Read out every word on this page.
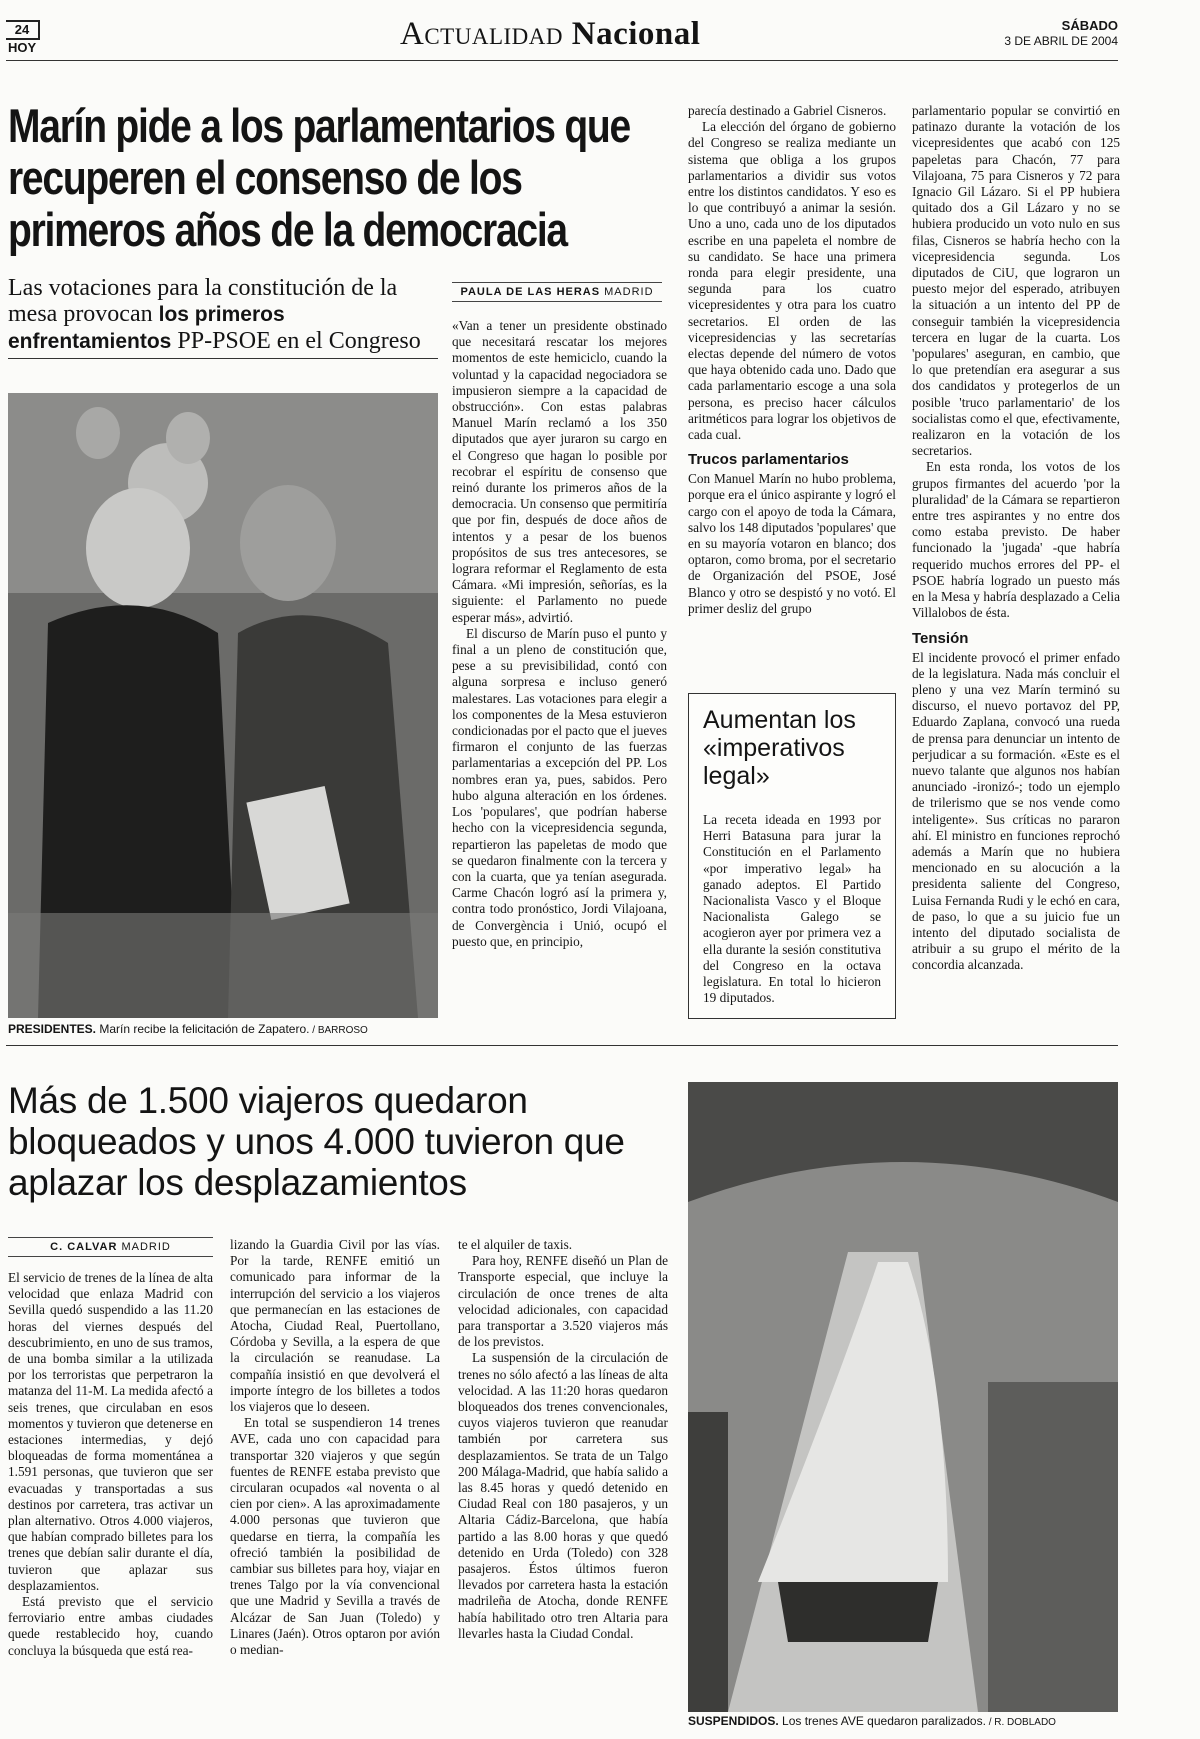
24
HOY	Actualidad Nacional	SÁBADO
3 DE ABRIL DE 2004
Marín pide a los parlamentarios que recuperen el consenso de los primeros años de la democracia
Las votaciones para la constitución de la mesa provocan los primeros enfrentamientos PP-PSOE en el Congreso
PRESIDENTES. Marín recibe la felicitación de Zapatero. / BARROSO
PAULA DE LAS HERAS MADRID

«Van a tener un presidente obstinado que necesitará rescatar los mejores momentos de este hemiciclo, cuando la voluntad y la capacidad negociadora se impusieron siempre a la capacidad de obstrucción». Con estas palabras Manuel Marín reclamó a los 350 diputados que ayer juraron su cargo en el Congreso que hagan lo posible por recobrar el espíritu de consenso que reinó durante los primeros años de la democracia. Un consenso que permitiría que por fin, después de doce años de intentos y a pesar de los buenos propósitos de sus tres antecesores, se lograra reformar el Reglamento de esta Cámara. «Mi impresión, señorías, es la siguiente: el Parlamento no puede esperar más», advirtió.

El discurso de Marín puso el punto y final a un pleno de constitución que, pese a su previsibilidad, contó con alguna sorpresa e incluso generó malestares. Las votaciones para elegir a los componentes de la Mesa estuvieron condicionadas por el pacto que el jueves firmaron el conjunto de las fuerzas parlamentarias a excepción del PP. Los nombres eran ya, pues, sabidos. Pero hubo alguna alteración en los órdenes. Los 'populares', que podrían haberse hecho con la vicepresidencia segunda, repartieron las papeletas de modo que se quedaron finalmente con la tercera y con la cuarta, que ya tenían asegurada. Carme Chacón logró así la primera y, contra todo pronóstico, Jordi Vilajoana, de Convergència i Unió, ocupó el puesto que, en principio,

parecía destinado a Gabriel Cisneros.

La elección del órgano de gobierno del Congreso se realiza mediante un sistema que obliga a los grupos parlamentarios a dividir sus votos entre los distintos candidatos. Y eso es lo que contribuyó a animar la sesión. Uno a uno, cada uno de los diputados escribe en una papeleta el nombre de su candidato. Se hace una primera ronda para elegir presidente, una segunda para los cuatro vicepresidentes y otra para los cuatro secretarios. El orden de las vicepresidencias y las secretarías electas depende del número de votos que haya obtenido cada uno. Dado que cada parlamentario escoge a una sola persona, es preciso hacer cálculos aritméticos para lograr los objetivos de cada cual.

Trucos parlamentarios

Con Manuel Marín no hubo problema, porque era el único aspirante y logró el cargo con el apoyo de toda la Cámara, salvo los 148 diputados 'populares' que en su mayoría votaron en blanco; dos optaron, como broma, por el secretario de Organización del PSOE, José Blanco y otro se despistó y no votó. El primer desliz del grupo

Aumentan los «imperativos legal»
La receta ideada en 1993 por Herri Batasuna para jurar la Constitución en el Parlamento «por imperativo legal» ha ganado adeptos. El Partido Nacionalista Vasco y el Bloque Nacionalista Galego se acogieron ayer por primera vez a ella durante la sesión constitutiva del Congreso en la octava legislatura. En total lo hicieron 19 diputados.

parlamentario popular se convirtió en patinazo durante la votación de los vicepresidentes que acabó con 125 papeletas para Chacón, 77 para Vilajoana, 75 para Cisneros y 72 para Ignacio Gil Lázaro. Si el PP hubiera quitado dos a Gil Lázaro y no se hubiera producido un voto nulo en sus filas, Cisneros se habría hecho con la vicepresidencia segunda. Los diputados de CiU, que lograron un puesto mejor del esperado, atribuyen la situación a un intento del PP de conseguir también la vicepresidencia tercera en lugar de la cuarta. Los 'populares' aseguran, en cambio, que lo que pretendían era asegurar a sus dos candidatos y protegerlos de un posible 'truco parlamentario' de los socialistas como el que, efectivamente, realizaron en la votación de los secretarios.

En esta ronda, los votos de los grupos firmantes del acuerdo 'por la pluralidad' de la Cámara se repartieron entre tres aspirantes y no entre dos como estaba previsto. De haber funcionado la 'jugada' -que habría requerido muchos errores del PP- el PSOE habría logrado un puesto más en la Mesa y habría desplazado a Celia Villalobos de ésta.

Tensión

El incidente provocó el primer enfado de la legislatura. Nada más concluir el pleno y una vez Marín terminó su discurso, el nuevo portavoz del PP, Eduardo Zaplana, convocó una rueda de prensa para denunciar un intento de perjudicar a su formación. «Este es el nuevo talante que algunos nos habían anunciado -ironizó-; todo un ejemplo de trilerismo que se nos vende como inteligente». Sus críticas no pararon ahí. El ministro en funciones reprochó además a Marín que no hubiera mencionado en su alocución a la presidenta saliente del Congreso, Luisa Fernanda Rudi y le echó en cara, de paso, lo que a su juicio fue un intento del diputado socialista de atribuir a su grupo el mérito de la concordia alcanzada.

Más de 1.500 viajeros quedaron bloqueados y unos 4.000 tuvieron que aplazar los desplazamientos
C. CALVAR MADRID

El servicio de trenes de la línea de alta velocidad que enlaza Madrid con Sevilla quedó suspendido a las 11.20 horas del viernes después del descubrimiento, en uno de sus tramos, de una bomba similar a la utilizada por los terroristas que perpetraron la matanza del 11-M. La medida afectó a seis trenes, que circulaban en esos momentos y tuvieron que detenerse en estaciones intermedias, y dejó bloqueadas de forma momentánea a 1.591 personas, que tuvieron que ser evacuadas y transportadas a sus destinos por carretera, tras activar un plan alternativo. Otros 4.000 viajeros, que habían comprado billetes para los trenes que debían salir durante el día, tuvieron que aplazar sus desplazamientos.

Está previsto que el servicio ferroviario entre ambas ciudades quede restablecido hoy, cuando concluya la búsqueda que está rea-

lizando la Guardia Civil por las vías. Por la tarde, RENFE emitió un comunicado para informar de la interrupción del servicio a los viajeros que permanecían en las estaciones de Atocha, Ciudad Real, Puertollano, Córdoba y Sevilla, a la espera de que la circulación se reanudase. La compañía insistió en que devolverá el importe íntegro de los billetes a todos los viajeros que lo deseen.

En total se suspendieron 14 trenes AVE, cada uno con capacidad para transportar 320 viajeros y que según fuentes de RENFE estaba previsto que circularan ocupados «al noventa o al cien por cien». A las aproximadamente 4.000 personas que tuvieron que quedarse en tierra, la compañía les ofreció también la posibilidad de cambiar sus billetes para hoy, viajar en trenes Talgo por la vía convencional que une Madrid y Sevilla a través de Alcázar de San Juan (Toledo) y Linares (Jaén). Otros optaron por avión o median-

te el alquiler de taxis.

Para hoy, RENFE diseñó un Plan de Transporte especial, que incluye la circulación de once trenes de alta velocidad adicionales, con capacidad para transportar a 3.520 viajeros más de los previstos.

La suspensión de la circulación de trenes no sólo afectó a las líneas de alta velocidad. A las 11:20 horas quedaron bloqueados dos trenes convencionales, cuyos viajeros tuvieron que reanudar también por carretera sus desplazamientos. Se trata de un Talgo 200 Málaga-Madrid, que había salido a las 8.45 horas y quedó detenido en Ciudad Real con 180 pasajeros, y un Altaria Cádiz-Barcelona, que había partido a las 8.00 horas y que quedó detenido en Urda (Toledo) con 328 pasajeros. Éstos últimos fueron llevados por carretera hasta la estación madrileña de Atocha, donde RENFE había habilitado otro tren Altaria para llevarles hasta la Ciudad Condal.

SUSPENDIDOS. Los trenes AVE quedaron paralizados. / R. DOBLADO
